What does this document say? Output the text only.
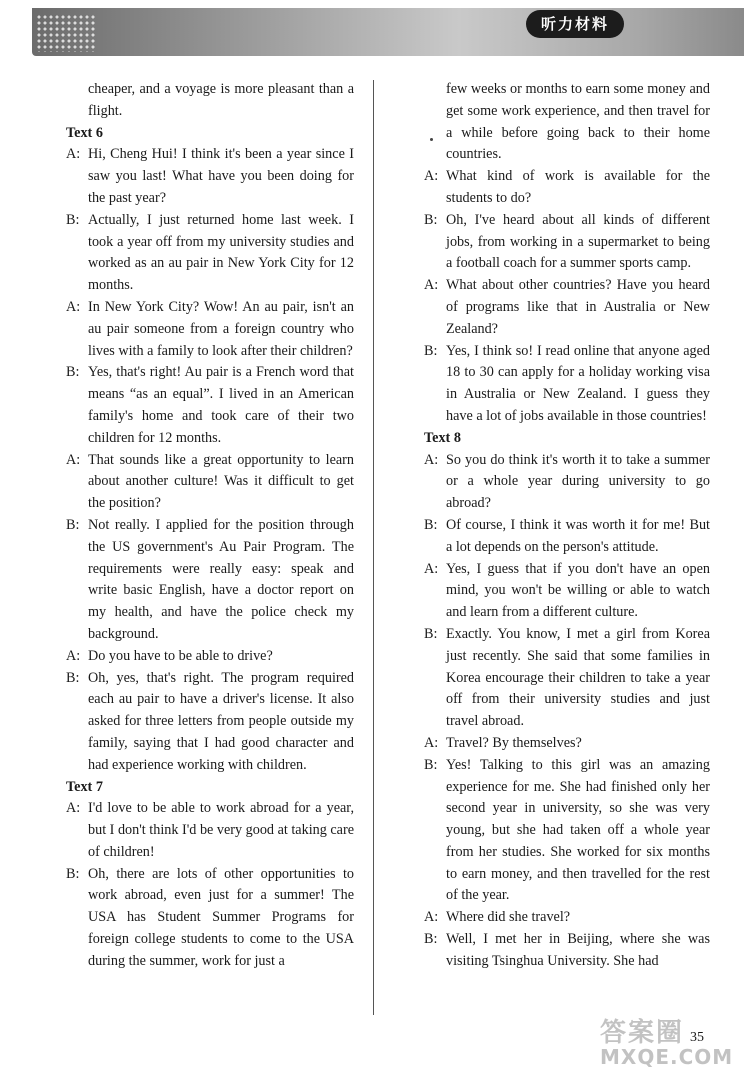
听力材料
cheaper, and a voyage is more pleasant than a flight.
Text 6
A: Hi, Cheng Hui! I think it's been a year since I saw you last! What have you been doing for the past year?
B: Actually, I just returned home last week. I took a year off from my university studies and worked as an au pair in New York City for 12 months.
A: In New York City? Wow! An au pair, isn't an au pair someone from a foreign country who lives with a family to look after their children?
B: Yes, that's right! Au pair is a French word that means “as an equal”. I lived in an American family's home and took care of their two children for 12 months.
A: That sounds like a great opportunity to learn about another culture! Was it difficult to get the position?
B: Not really. I applied for the position through the US government's Au Pair Program. The requirements were really easy: speak and write basic English, have a doctor report on my health, and have the police check my background.
A: Do you have to be able to drive?
B: Oh, yes, that's right. The program required each au pair to have a driver's license. It also asked for three letters from people outside my family, saying that I had good character and had experience working with children.
Text 7
A: I'd love to be able to work abroad for a year, but I don't think I'd be very good at taking care of children!
B: Oh, there are lots of other opportunities to work abroad, even just for a summer! The USA has Student Summer Programs for foreign college students to come to the USA during the summer, work for just a
few weeks or months to earn some money and get some work experience, and then travel for a while before going back to their home countries.
A: What kind of work is available for the students to do?
B: Oh, I've heard about all kinds of different jobs, from working in a supermarket to being a football coach for a summer sports camp.
A: What about other countries? Have you heard of programs like that in Australia or New Zealand?
B: Yes, I think so! I read online that anyone aged 18 to 30 can apply for a holiday working visa in Australia or New Zealand. I guess they have a lot of jobs available in those countries!
Text 8
A: So you do think it's worth it to take a summer or a whole year during university to go abroad?
B: Of course, I think it was worth it for me! But a lot depends on the person's attitude.
A: Yes, I guess that if you don't have an open mind, you won't be willing or able to watch and learn from a different culture.
B: Exactly. You know, I met a girl from Korea just recently. She said that some families in Korea encourage their children to take a year off from their university studies and just travel abroad.
A: Travel? By themselves?
B: Yes! Talking to this girl was an amazing experience for me. She had finished only her second year in university, so she was very young, but she had taken off a whole year from her studies. She worked for six months to earn money, and then travelled for the rest of the year.
A: Where did she travel?
B: Well, I met her in Beijing, where she was visiting Tsinghua University. She had
35
答案圈
MXQE.COM
